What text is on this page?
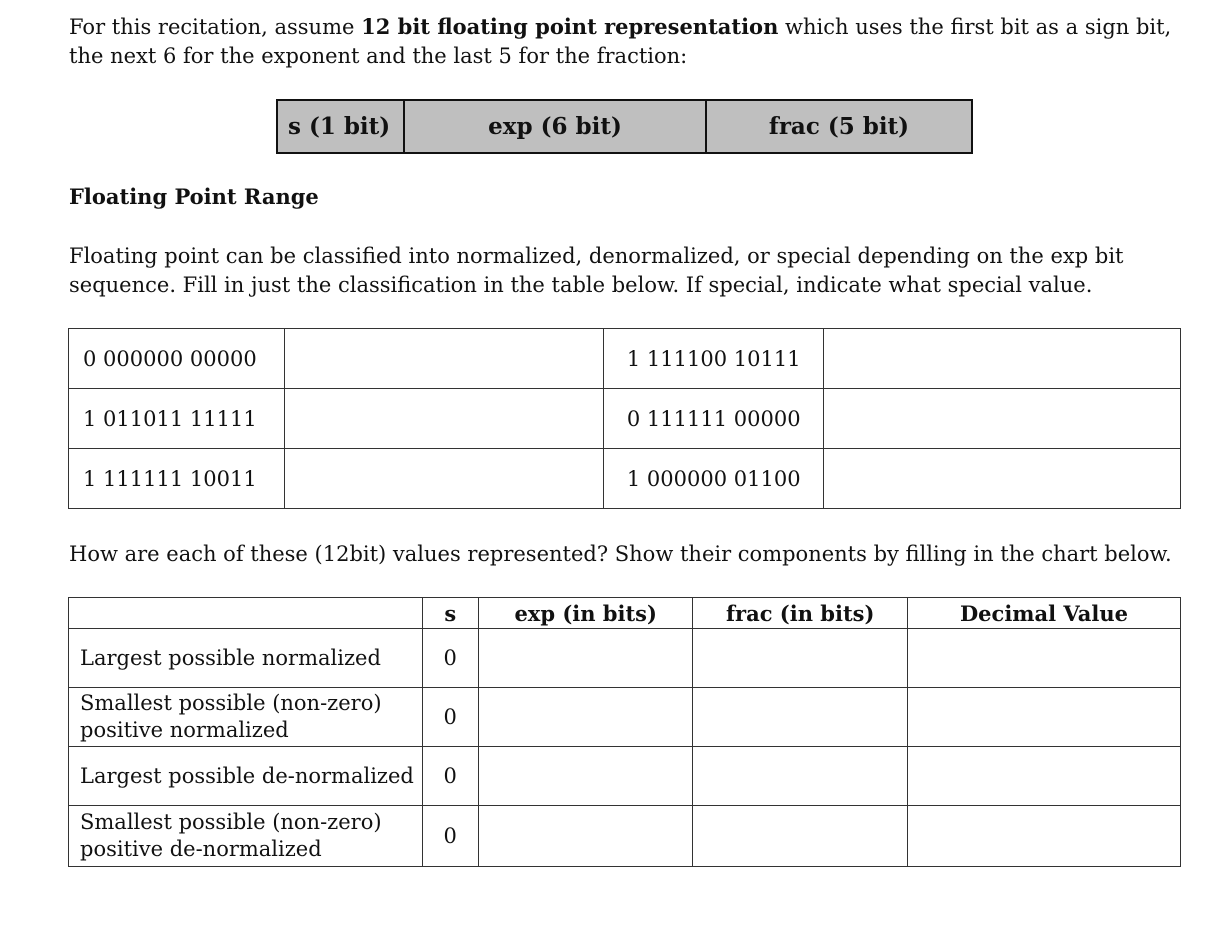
For this recitation, assume 12 bit floating point representation which uses the first bit as a sign bit, the next 6 for the exponent and the last 5 for the fraction:

s (1 bit)	exp (6 bit)	frac (5 bit)
Floating Point Range

Floating point can be classified into normalized, denormalized, or special depending on the exp bit sequence. Fill in just the classification in the table below. If special, indicate what special value.

0 000000 00000		1 111100 10111	
1 011011 11111		0 111111 00000	
1 111111 10011		1 000000 01100	

How are each of these (12bit) values represented? Show their components by filling in the chart below.

	s	exp (in bits)	frac (in bits)	Decimal Value
Largest possible normalized	0			
Smallest possible (non-zero)
positive normalized	0			
Largest possible de-normalized	0			
Smallest possible (non-zero)
positive de-normalized	0			
